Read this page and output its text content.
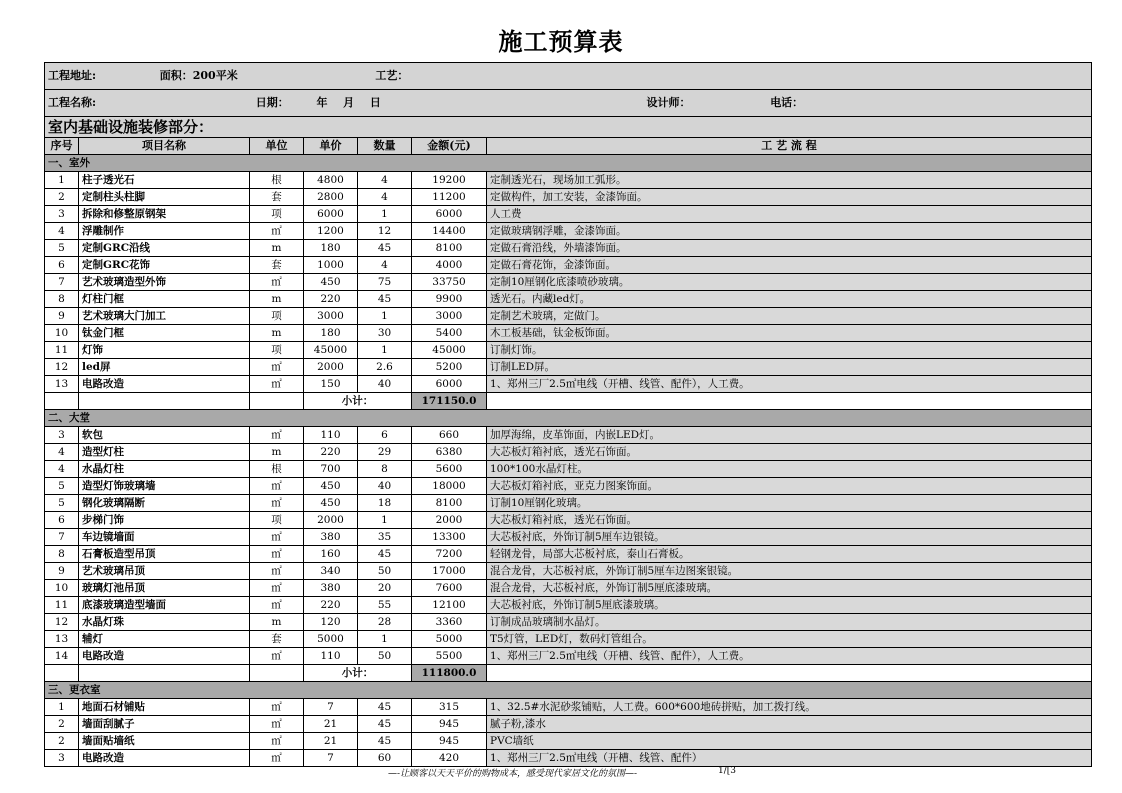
施工预算表
工程地址: 面积：200平米 工艺：						
工程名称: 日期： 年 月 日 设计师： 电话：						
室内基础设施装修部分：						
序号	项目名称	单位	单价	数量	金额(元)	工 艺 流 程
一、室外						
1	柱子透光石	根	4800	4	19200	定制透光石，现场加工弧形。
2	定制柱头柱脚	套	2800	4	11200	定做构件，加工安装，金漆饰面。
3	拆除和修整原钢架	项	6000	1	6000	人工费
4	浮雕制作	㎡	1200	12	14400	定做玻璃钢浮雕，金漆饰面。
5	定制GRC沿线	m	180	45	8100	定做石膏沿线，外墙漆饰面。
6	定制GRC花饰	套	1000	4	4000	定做石膏花饰，金漆饰面。
7	艺术玻璃造型外饰	㎡	450	75	33750	定制10厘钢化底漆喷砂玻璃。
8	灯柱门框	m	220	45	9900	透光石。内藏led灯。
9	艺术玻璃大门加工	项	3000	1	3000	定制艺术玻璃，定做门。
10	钛金门框	m	180	30	5400	木工板基础，钛金板饰面。
11	灯饰	项	45000	1	45000	订制灯饰。
12	led屏	㎡	2000	2.6	5200	订制LED屏。
13	电路改造	㎡	150	40	6000	1、郑州三厂2.5㎡电线（开槽、线管、配件），人工费。
			小计：		171150.0	
二、大堂						
3	软包	㎡	110	6	660	加厚海绵，皮革饰面，内嵌LED灯。
4	造型灯柱	m	220	29	6380	大芯板灯箱衬底，透光石饰面。
4	水晶灯柱	根	700	8	5600	100*100水晶灯柱。
5	造型灯饰玻璃墙	㎡	450	40	18000	大芯板灯箱衬底，亚克力图案饰面。
5	钢化玻璃隔断	㎡	450	18	8100	订制10厘钢化玻璃。
6	步梯门饰	项	2000	1	2000	大芯板灯箱衬底，透光石饰面。
7	车边镜墙面	㎡	380	35	13300	大芯板衬底，外饰订制5厘车边银镜。
8	石膏板造型吊顶	㎡	160	45	7200	轻钢龙骨，局部大芯板衬底，泰山石膏板。
9	艺术玻璃吊顶	㎡	340	50	17000	混合龙骨，大芯板衬底，外饰订制5厘车边图案银镜。
10	玻璃灯池吊顶	㎡	380	20	7600	混合龙骨，大芯板衬底，外饰订制5厘底漆玻璃。
11	底漆玻璃造型墙面	㎡	220	55	12100	大芯板衬底，外饰订制5厘底漆玻璃。
12	水晶灯珠	m	120	28	3360	订制成品玻璃制水晶灯。
13	辅灯	套	5000	1	5000	T5灯管，LED灯，数码灯管组合。
14	电路改造	㎡	110	50	5500	1、郑州三厂2.5㎡电线（开槽、线管、配件），人工费。
			小计：		111800.0	
三、更衣室						
1	地面石材铺贴	㎡	7	45	315	1、32.5#水泥砂浆铺贴，人工费。600*600地砖拼贴，加工拨打线。
2	墙面刮腻子	㎡	21	45	945	腻子粉,漆水
2	墙面贴墙纸	㎡	21	45	945	PVC墙纸
3	电路改造	㎡	7	60	420	1、郑州三厂2.5㎡电线（开槽、线管、配件）
—-让顾客以天天平价的购物成本，感受现代家居文化的氛围—-	1/[3
